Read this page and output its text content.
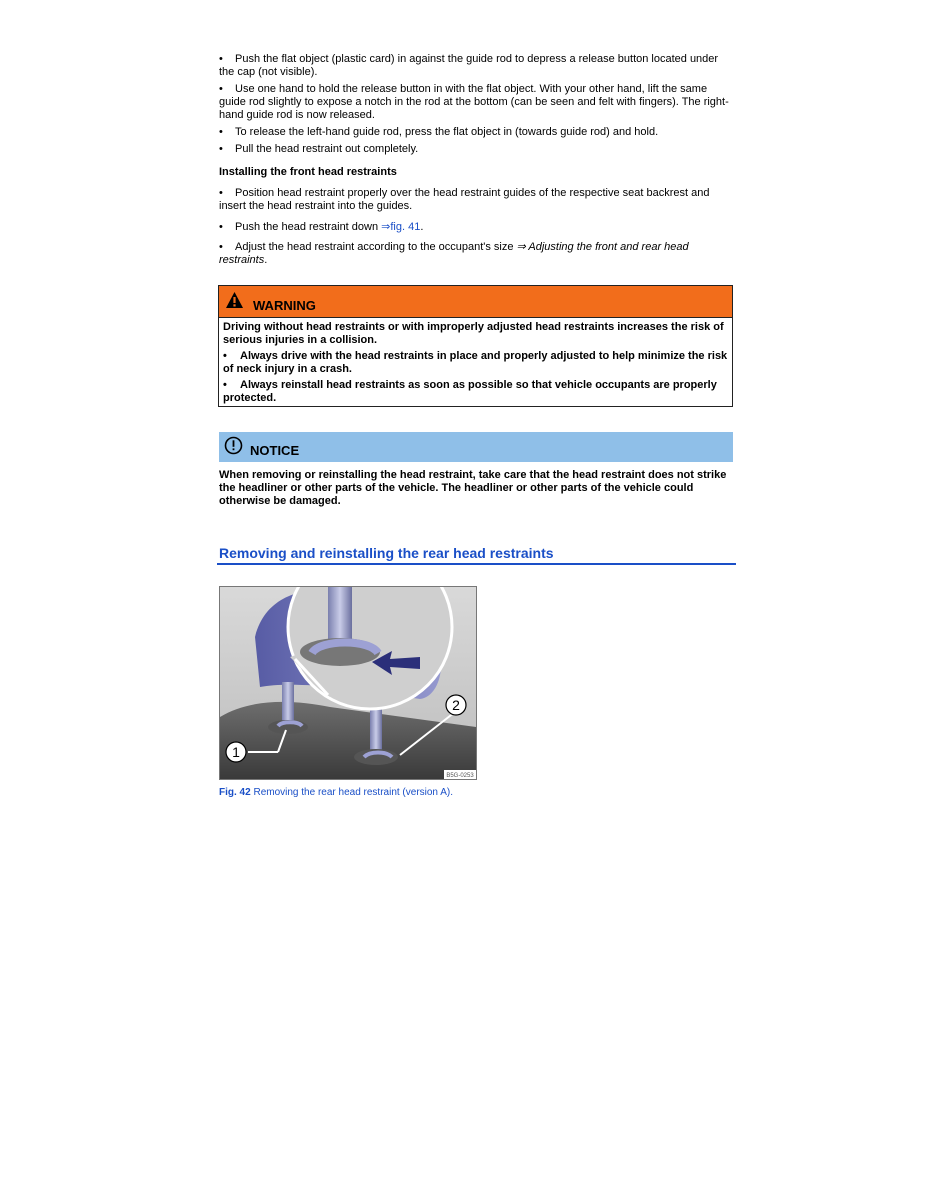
• Push the flat object (plastic card) in against the guide rod to depress a release button located under the cap (not visible).
• Use one hand to hold the release button in with the flat object. With your other hand, lift the same guide rod slightly to expose a notch in the rod at the bottom (can be seen and felt with fingers). The right-hand guide rod is now released.
• To release the left-hand guide rod, press the flat object in (towards guide rod) and hold.
• Pull the head restraint out completely.
Installing the front head restraints
• Position head restraint properly over the head restraint guides of the respective seat backrest and insert the head restraint into the guides.
• Push the head restraint down ⇒fig. 41.
• Adjust the head restraint according to the occupant's size ⇒ Adjusting the front and rear head restraints.
WARNING

Driving without head restraints or with improperly adjusted head restraints increases the risk of serious injuries in a collision.

• Always drive with the head restraints in place and properly adjusted to help minimize the risk of neck injury in a crash.

• Always reinstall head restraints as soon as possible so that vehicle occupants are properly protected.

NOTICE
When removing or reinstalling the head restraint, take care that the head restraint does not strike the headliner or other parts of the vehicle. The headliner or other parts of the vehicle could otherwise be damaged.
Removing and reinstalling the rear head restraints
1
2
B5G-0253
Fig. 42 Removing the rear head restraint (version A).
